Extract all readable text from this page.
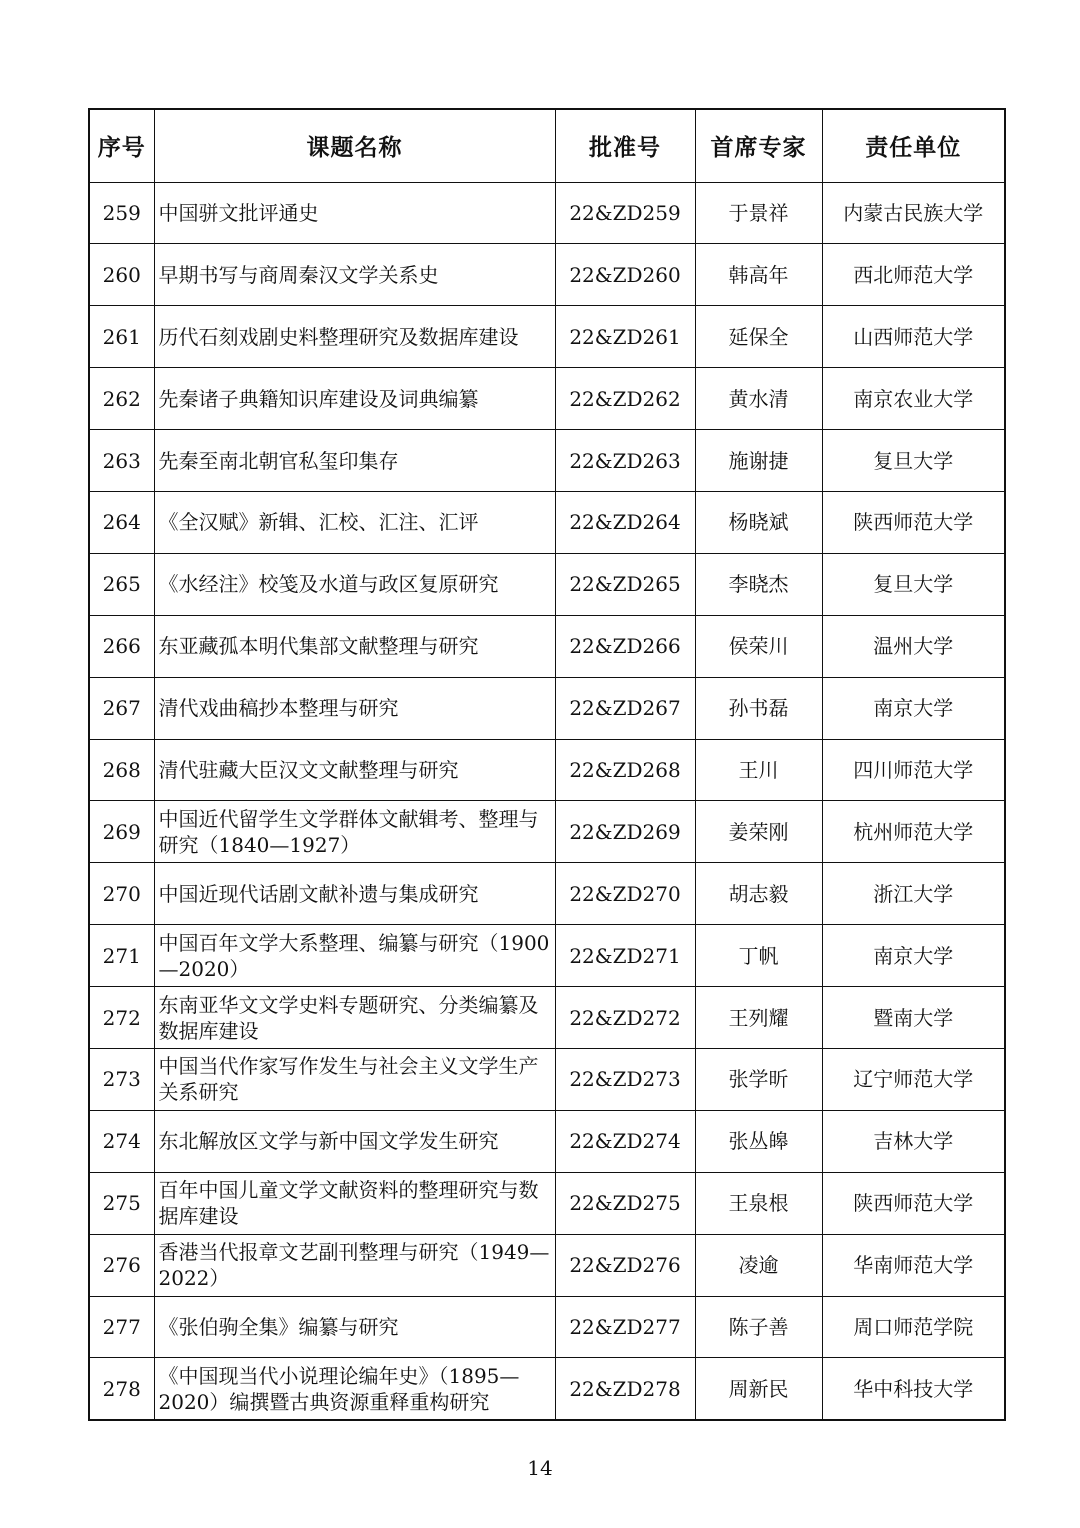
序号	课题名称	批准号	首席专家	责任单位
259	中国骈文批评通史	22&ZD259	于景祥	内蒙古民族大学
260	早期书写与商周秦汉文学关系史	22&ZD260	韩高年	西北师范大学
261	历代石刻戏剧史料整理研究及数据库建设	22&ZD261	延保全	山西师范大学
262	先秦诸子典籍知识库建设及词典编纂	22&ZD262	黄水清	南京农业大学
263	先秦至南北朝官私玺印集存	22&ZD263	施谢捷	复旦大学
264	《全汉赋》新辑、汇校、汇注、汇评	22&ZD264	杨晓斌	陕西师范大学
265	《水经注》校笺及水道与政区复原研究	22&ZD265	李晓杰	复旦大学
266	东亚藏孤本明代集部文献整理与研究	22&ZD266	侯荣川	温州大学
267	清代戏曲稿抄本整理与研究	22&ZD267	孙书磊	南京大学
268	清代驻藏大臣汉文文献整理与研究	22&ZD268	王川	四川师范大学
269	中国近代留学生文学群体文献辑考、整理与研究（1840—1927）	22&ZD269	姜荣刚	杭州师范大学
270	中国近现代话剧文献补遗与集成研究	22&ZD270	胡志毅	浙江大学
271	中国百年文学大系整理、编纂与研究（1900—2020）	22&ZD271	丁帆	南京大学
272	东南亚华文文学史料专题研究、分类编纂及数据库建设	22&ZD272	王列耀	暨南大学
273	中国当代作家写作发生与社会主义文学生产关系研究	22&ZD273	张学昕	辽宁师范大学
274	东北解放区文学与新中国文学发生研究	22&ZD274	张丛皞	吉林大学
275	百年中国儿童文学文献资料的整理研究与数据库建设	22&ZD275	王泉根	陕西师范大学
276	香港当代报章文艺副刊整理与研究（1949—2022）	22&ZD276	凌逾	华南师范大学
277	《张伯驹全集》编纂与研究	22&ZD277	陈子善	周口师范学院
278	《中国现当代小说理论编年史》（1895—2020）编撰暨古典资源重释重构研究	22&ZD278	周新民	华中科技大学
14
